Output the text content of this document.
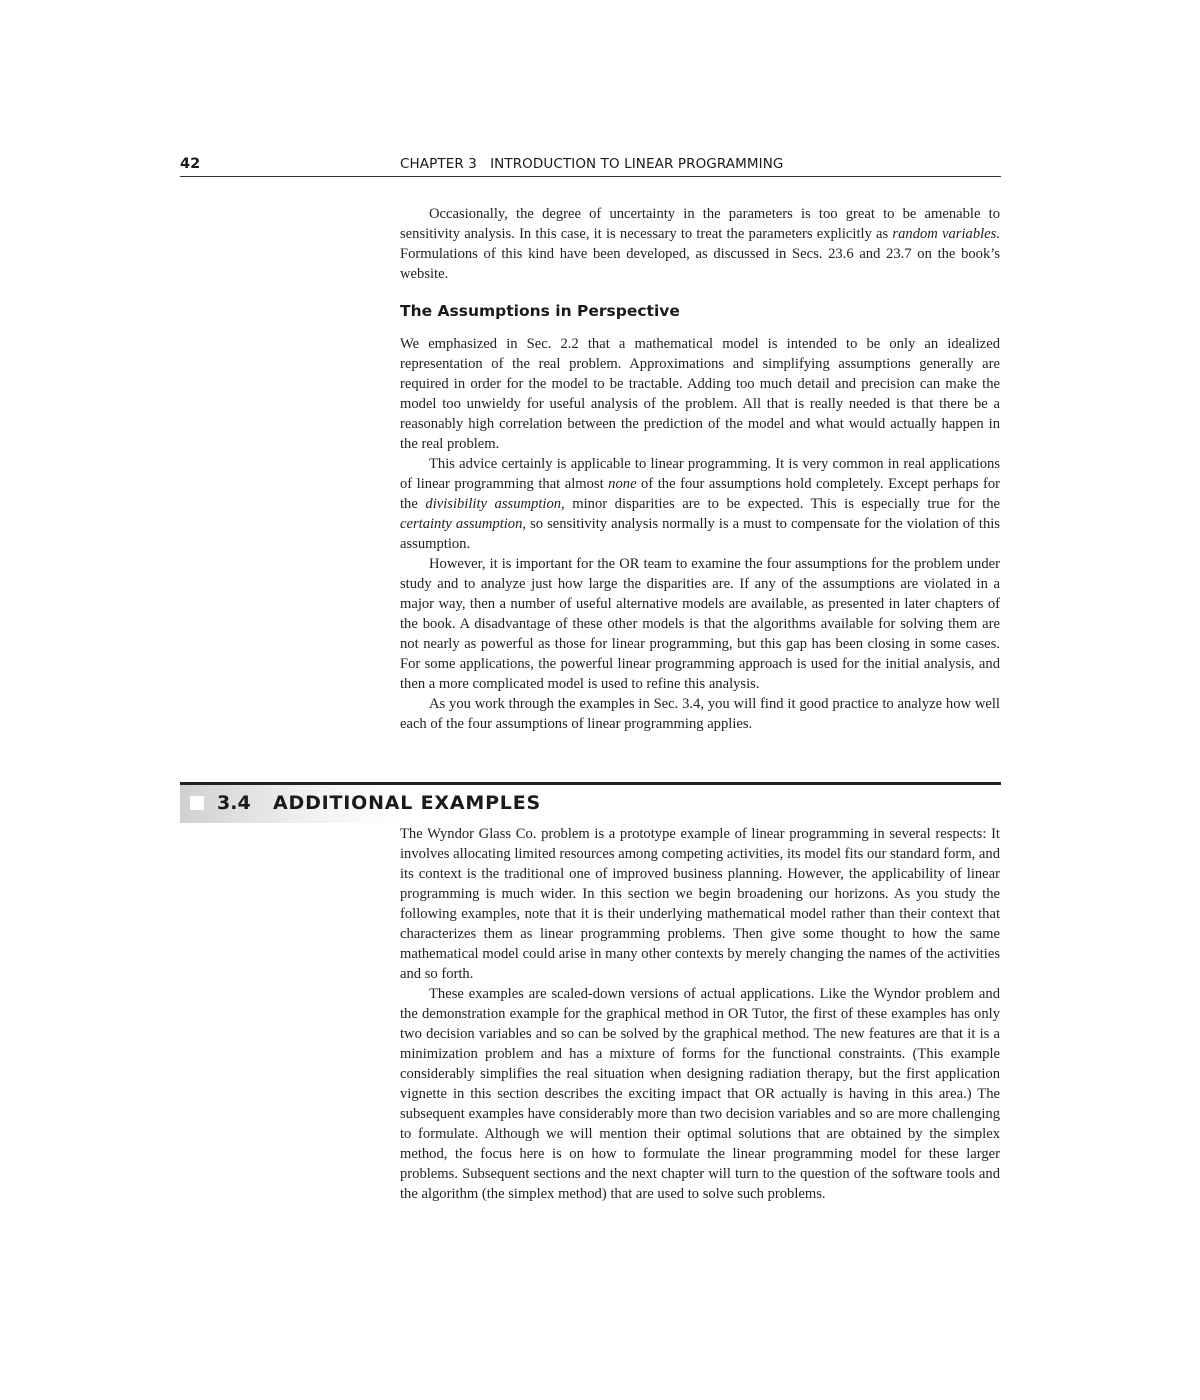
42	CHAPTER 3   INTRODUCTION TO LINEAR PROGRAMMING

Occasionally, the degree of uncertainty in the parameters is too great to be amenable to sensitivity analysis. In this case, it is necessary to treat the parameters explicitly as random variables. Formulations of this kind have been developed, as discussed in Secs. 23.6 and 23.7 on the book’s website.

The Assumptions in Perspective

We emphasized in Sec. 2.2 that a mathematical model is intended to be only an idealized representation of the real problem. Approximations and simplifying assumptions generally are required in order for the model to be tractable. Adding too much detail and precision can make the model too unwieldy for useful analysis of the problem. All that is really needed is that there be a reasonably high correlation between the prediction of the model and what would actually happen in the real problem.

This advice certainly is applicable to linear programming. It is very common in real applications of linear programming that almost none of the four assumptions hold completely. Except perhaps for the divisibility assumption, minor disparities are to be expected. This is especially true for the certainty assumption, so sensitivity analysis normally is a must to compensate for the violation of this assumption.

However, it is important for the OR team to examine the four assumptions for the problem under study and to analyze just how large the disparities are. If any of the assumptions are violated in a major way, then a number of useful alternative models are available, as presented in later chapters of the book. A disadvantage of these other models is that the algorithms available for solving them are not nearly as powerful as those for linear programming, but this gap has been closing in some cases. For some applications, the powerful linear programming approach is used for the initial analysis, and then a more complicated model is used to refine this analysis.

As you work through the examples in Sec. 3.4, you will find it good practice to analyze how well each of the four assumptions of linear programming applies.

3.4 ADDITIONAL EXAMPLES

The Wyndor Glass Co. problem is a prototype example of linear programming in several respects: It involves allocating limited resources among competing activities, its model fits our standard form, and its context is the traditional one of improved business planning. However, the applicability of linear programming is much wider. In this section we begin broadening our horizons. As you study the following examples, note that it is their underlying mathematical model rather than their context that characterizes them as linear programming problems. Then give some thought to how the same mathematical model could arise in many other contexts by merely changing the names of the activities and so forth.

These examples are scaled-down versions of actual applications. Like the Wyndor problem and the demonstration example for the graphical method in OR Tutor, the first of these examples has only two decision variables and so can be solved by the graphical method. The new features are that it is a minimization problem and has a mixture of forms for the functional constraints. (This example considerably simplifies the real situation when designing radiation therapy, but the first application vignette in this section describes the exciting impact that OR actually is having in this area.) The subsequent examples have considerably more than two decision variables and so are more challenging to formulate. Although we will mention their optimal solutions that are obtained by the simplex method, the focus here is on how to formulate the linear programming model for these larger problems. Subsequent sections and the next chapter will turn to the question of the software tools and the algorithm (the simplex method) that are used to solve such problems.
